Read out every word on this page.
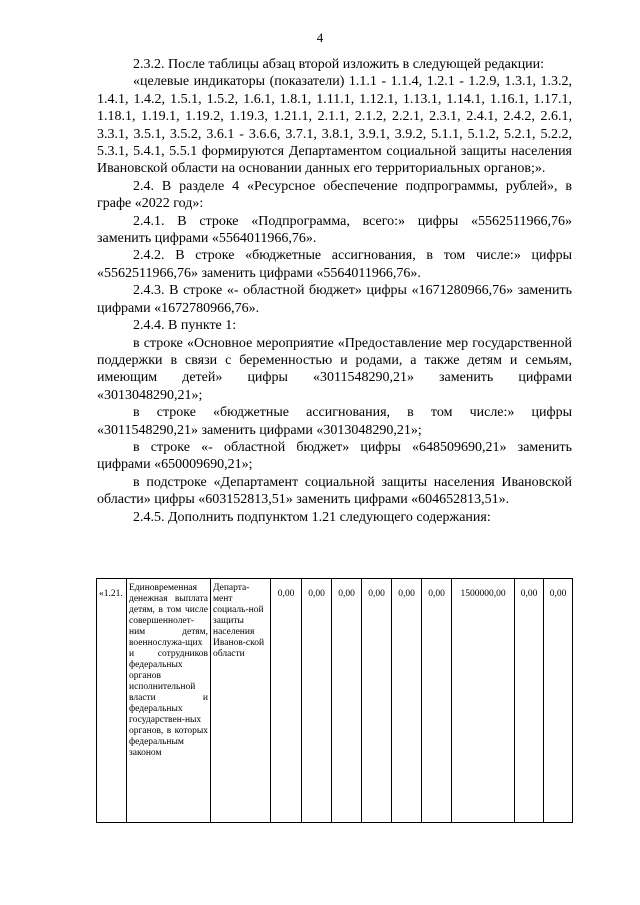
4

2.3.2. После таблицы абзац второй изложить в следующей редакции:

«целевые индикаторы (показатели) 1.1.1 - 1.1.4, 1.2.1 - 1.2.9, 1.3.1, 1.3.2, 1.4.1, 1.4.2, 1.5.1, 1.5.2, 1.6.1, 1.8.1, 1.11.1, 1.12.1, 1.13.1, 1.14.1, 1.16.1, 1.17.1, 1.18.1, 1.19.1, 1.19.2, 1.19.3, 1.21.1, 2.1.1, 2.1.2, 2.2.1, 2.3.1, 2.4.1, 2.4.2, 2.6.1, 3.3.1, 3.5.1, 3.5.2, 3.6.1 - 3.6.6, 3.7.1, 3.8.1, 3.9.1, 3.9.2, 5.1.1, 5.1.2, 5.2.1, 5.2.2, 5.3.1, 5.4.1, 5.5.1 формируются Департаментом социальной защиты населения Ивановской области на основании данных его территориальных органов;».

2.4. В разделе 4 «Ресурсное обеспечение подпрограммы, рублей», в графе «2022 год»:

2.4.1. В строке «Подпрограмма, всего:» цифры «5562511966,76» заменить цифрами «5564011966,76».

2.4.2. В строке «бюджетные ассигнования, в том числе:» цифры «5562511966,76» заменить цифрами «5564011966,76».

2.4.3. В строке «- областной бюджет» цифры «1671280966,76» заменить цифрами «1672780966,76».

2.4.4. В пункте 1:

в строке «Основное мероприятие «Предоставление мер государственной поддержки в связи с беременностью и родами, а также детям и семьям, имеющим детей» цифры «3011548290,21» заменить цифрами «3013048290,21»;

в строке «бюджетные ассигнования, в том числе:» цифры «3011548290,21» заменить цифрами «3013048290,21»;

в строке «- областной бюджет» цифры «648509690,21» заменить цифрами «650009690,21»;

в подстроке «Департамент социальной защиты населения Ивановской области» цифры «603152813,51» заменить цифрами «604652813,51».

2.4.5. Дополнить подпунктом 1.21 следующего содержания:

«1.21.	Единовременная денежная выплата детям, в том числе совершеннолет-ним детям, военнослужа-щих и сотрудников федеральных органов исполнительной власти и федеральных государствен-ных органов, в которых федеральным законом	Департа-мент социаль-ной защиты населения Иванов-ской области	0,00	0,00	0,00	0,00	0,00	0,00	1500000,00	0,00	0,00
